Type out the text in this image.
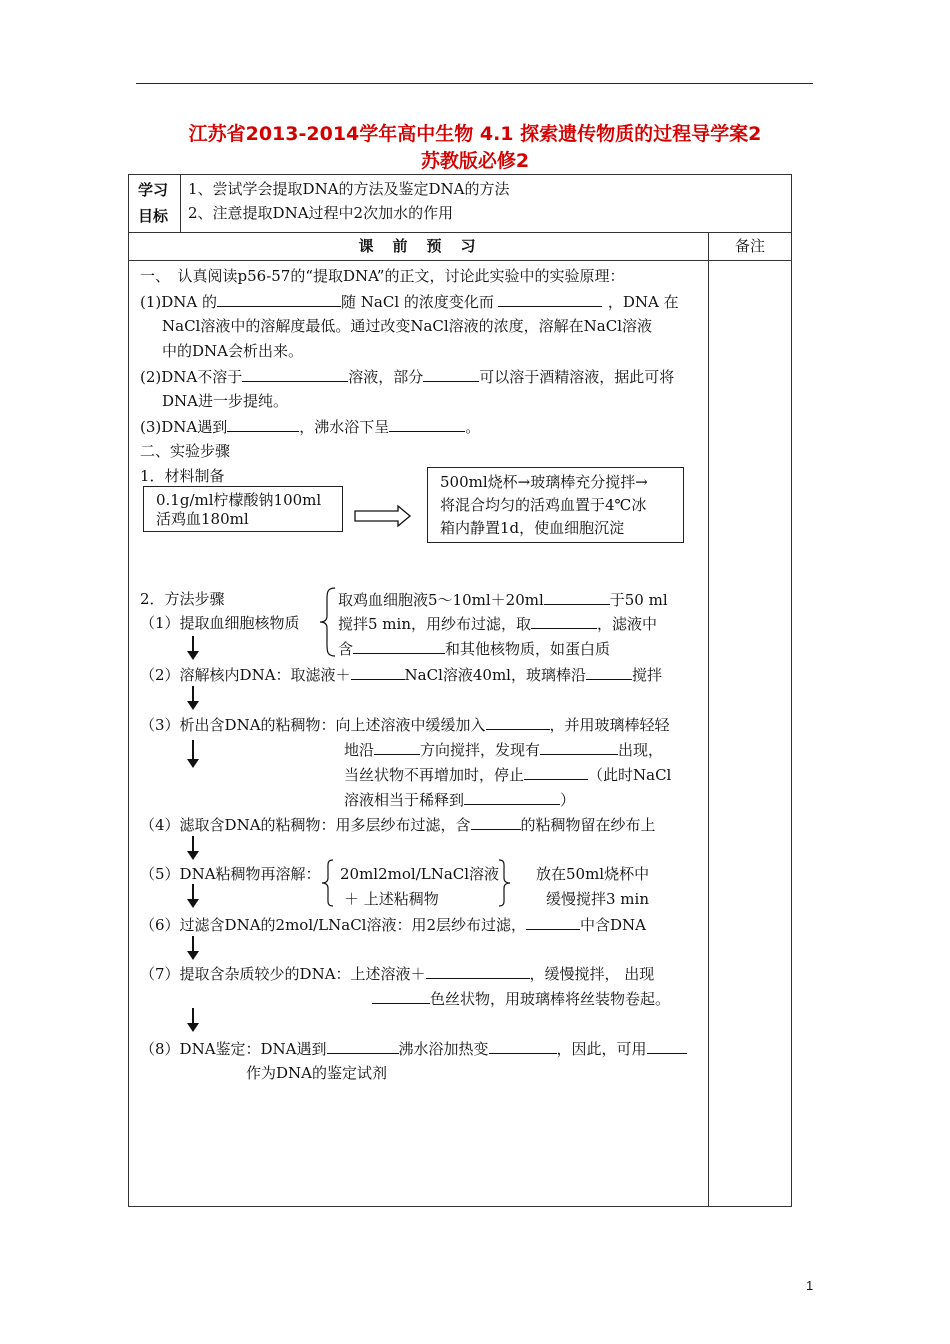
江苏省2013-2014学年高中生物 4.1 探索遗传物质的过程导学案2
苏教版必修2
学习
目标
1、尝试学会提取DNA的方法及鉴定DNA的方法
2、注意提取DNA过程中2次加水的作用
课　前　预　习	备注
一、　认真阅读p56-57的“提取DNA”的正文，讨论此实验中的实验原理：
(1)DNA 的	随 NaCl 的浓度变化而	，DNA 在
NaCl溶液中的溶解度最低。通过改变NaCl溶液的浓度，溶解在NaCl溶液
中的DNA会析出来。
(2)DNA不溶于	溶液，部分	可以溶于酒精溶液，据此可将
DNA进一步提纯。
(3)DNA遇到	，沸水浴下呈	。
二、实验步骤
1．材料制备
0.1g/ml柠檬酸钠100ml
活鸡血180ml
500ml烧杯→玻璃棒充分搅拌→
将混合均匀的活鸡血置于4℃冰
箱内静置1d，使血细胞沉淀
2．方法步骤
（1）提取血细胞核物质
取鸡血细胞液5～10ml＋20ml	于50 ml
搅拌5 min，用纱布过滤，取	，滤液中
含	和其他核物质，如蛋白质
（2）溶解核内DNA：取滤液＋	NaCl溶液40ml，玻璃棒沿	搅拌
（3）析出含DNA的粘稠物：向上述溶液中缓缓加入	，并用玻璃棒轻轻
地沿	方向搅拌，发现有	出现，
当丝状物不再增加时，停止	（此时NaCl
溶液相当于稀释到	）
（4）滤取含DNA的粘稠物：用多层纱布过滤，含	的粘稠物留在纱布上
（5）DNA粘稠物再溶解： 20ml2mol/LNaCl溶液
＋ 上述粘稠物
放在50ml烧杯中
缓慢搅拌3 min
（6）过滤含DNA的2mol/LNaCl溶液：用2层纱布过滤，	中含DNA
（7）提取含杂质较少的DNA：上述溶液＋	，缓慢搅拌， 出现
色丝状物，用玻璃棒将丝装物卷起。
（8）DNA鉴定：DNA遇到	沸水浴加热变	，因此，可用
作为DNA的鉴定试剂
1
